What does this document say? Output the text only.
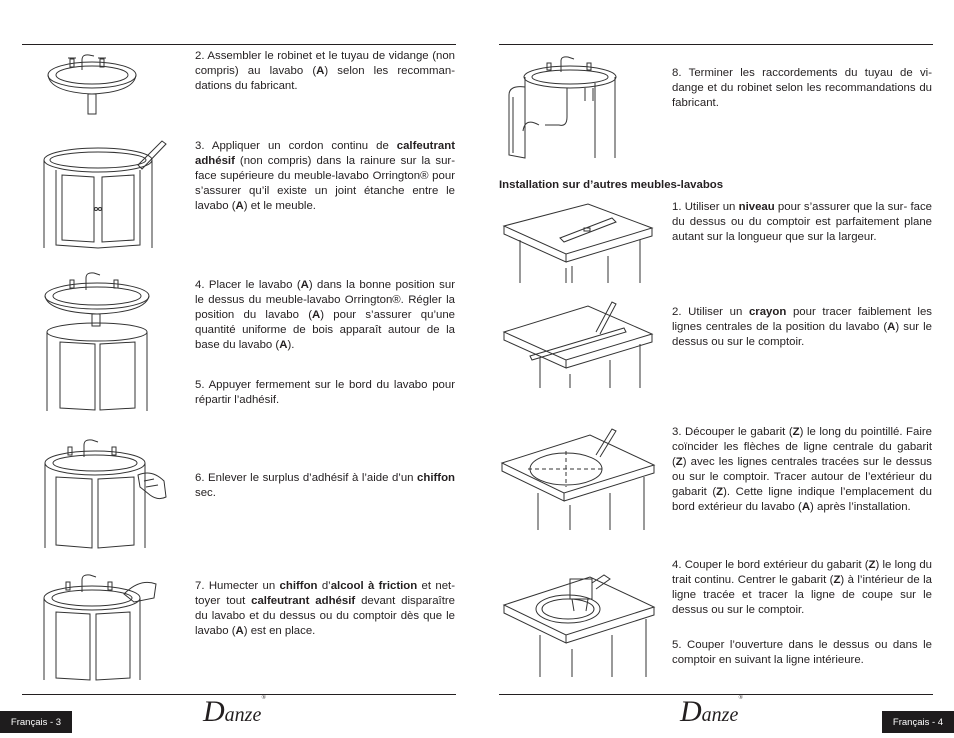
2. Assembler le robinet et le tuyau de vidange (non compris) au lavabo (A) selon les recomman- dations du fabricant.
3. Appliquer un cordon continu de calfeutrant adhésif (non compris) dans la rainure sur la sur- face supérieure du meuble-lavabo Orrington® pour s’assurer qu’il existe un joint étanche entre le lavabo (A) et le meuble.
4. Placer le lavabo (A) dans la bonne position sur le dessus du meuble-lavabo Orrington®. Régler la position du lavabo (A) pour s’assurer qu’une quantité uniforme de bois apparaît autour de la base du lavabo (A).
5. Appuyer fermement sur le bord du lavabo pour répartir l’adhésif.
6. Enlever le surplus d’adhésif à l’aide d’un chiffon sec.
7. Humecter un chiffon d’alcool à friction et net- toyer tout calfeutrant adhésif devant disparaître du lavabo et du dessus ou du comptoir dès que le lavabo (A) est en place.
Français - 3	Danze®
8. Terminer les raccordements du tuyau de vi- dange et du robinet selon les recommandations du fabricant.
Installation sur d’autres meubles-lavabos
1. Utiliser un niveau pour s’assurer que la sur- face du dessus ou du comptoir est parfaitement plane autant sur la longueur que sur la largeur.
2. Utiliser un crayon pour tracer faiblement les lignes centrales de la position du lavabo (A) sur le dessus ou sur le comptoir.
3. Découper le gabarit (Z) le long du pointillé. Faire coïncider les flèches de ligne centrale du gabarit (Z) avec les lignes centrales tracées sur le dessus ou sur le comptoir. Tracer autour de l’extérieur du gabarit (Z). Cette ligne indique l’emplacement du bord extérieur du lavabo (A) après l’installation.
4. Couper le bord extérieur du gabarit (Z) le long du trait continu. Centrer le gabarit (Z) à l’intérieur de la ligne tracée et tracer la ligne de coupe sur le dessus ou sur le comptoir.
5. Couper l’ouverture dans le dessus ou dans le comptoir en suivant la ligne intérieure.
Danze®
Français - 4
